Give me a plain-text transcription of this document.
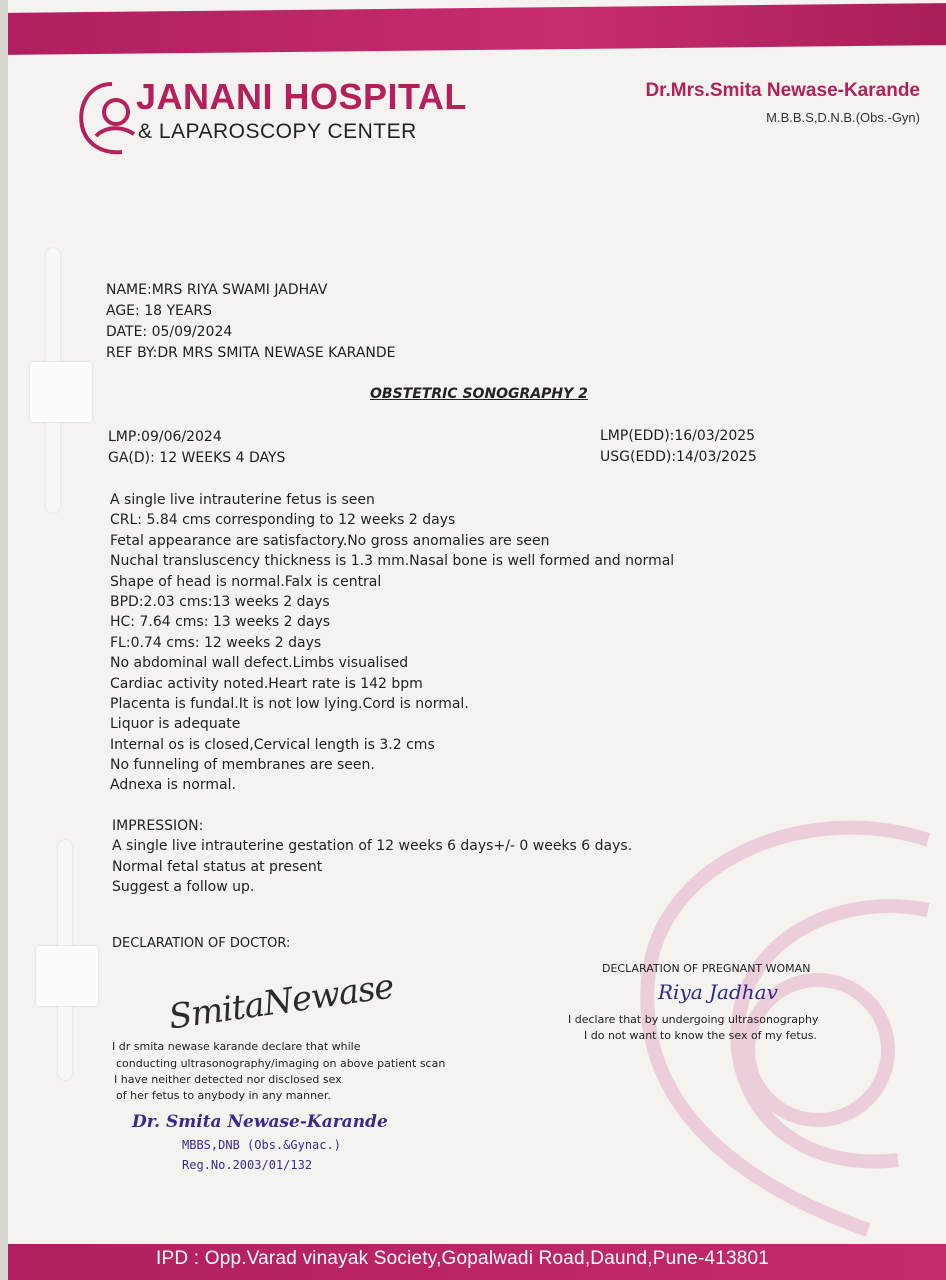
JANANI HOSPITAL
& LAPAROSCOPY CENTER
Dr.Mrs.Smita Newase-Karande
M.B.B.S,D.N.B.(Obs.-Gyn)
NAME:MRS RIYA SWAMI JADHAV
AGE: 18 YEARS
DATE: 05/09/2024
REF BY:DR MRS SMITA NEWASE KARANDE
OBSTETRIC SONOGRAPHY 2
LMP:09/06/2024
GA(D): 12 WEEKS 4 DAYS
LMP(EDD):16/03/2025
USG(EDD):14/03/2025
A single live intrauterine fetus is seen
CRL: 5.84 cms corresponding to 12 weeks 2 days
Fetal appearance are satisfactory.No gross anomalies are seen
Nuchal transluscency thickness is 1.3 mm.Nasal bone is well formed and normal
Shape of head is normal.Falx is central
BPD:2.03 cms:13 weeks 2 days
HC: 7.64 cms: 13 weeks 2 days
FL:0.74 cms: 12 weeks 2 days
No abdominal wall defect.Limbs visualised
Cardiac activity noted.Heart rate is 142 bpm
Placenta is fundal.It is not low lying.Cord is normal.
Liquor is adequate
Internal os is closed,Cervical length is 3.2 cms
No funneling of membranes are seen.
Adnexa is normal.
IMPRESSION:
A single live intrauterine gestation of 12 weeks 6 days+/- 0 weeks 6 days.
Normal fetal status at present
Suggest a follow up.
DECLARATION OF DOCTOR:
SmitaNewase
I dr smita newase karande declare that while
conducting ultrasonography/imaging on above patient scan
I have neither detected nor disclosed sex
of her fetus to anybody in any manner.
Dr. Smita Newase-Karande
MBBS,DNB (Obs.&Gynac.)
Reg.No.2003/01/132
DECLARATION OF PREGNANT WOMAN
Riya Jadhav
I declare that by undergoing ultrasonography
I do not want to know the sex of my fetus.
IPD : Opp.Varad vinayak Society,Gopalwadi Road,Daund,Pune-413801
